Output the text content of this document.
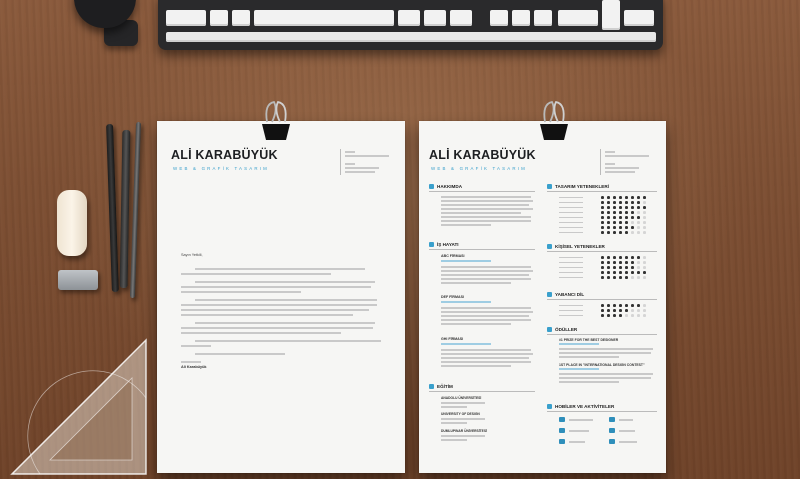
ALİ KARABÜYÜK
WEB & GRAFİK TASARIM
Sayın Yetkili,
Ali Karabüyük
ALİ KARABÜYÜK
WEB & GRAFİK TASARIM
HAKKIMDA
İŞ HAYATI
ABC FİRMASI
DEF FİRMASI
GHI FİRMASI
EĞİTİM
ANADOLU ÜNİVERSİTESİ
UNIVERSITY OF DESIGN
DUMLUPINAR ÜNİVERSİTESİ
TASARIM YETENEKLERİ
KİŞİSEL YETENEKLER
YABANCI DİL
ÖDÜLLER
#1 PRIZE FOR THE BEST DESIGNER
1ST PLACE IN "INTERNATIONAL DESIGN CONTEST"
HOBİLER VE AKTİVİTELER
